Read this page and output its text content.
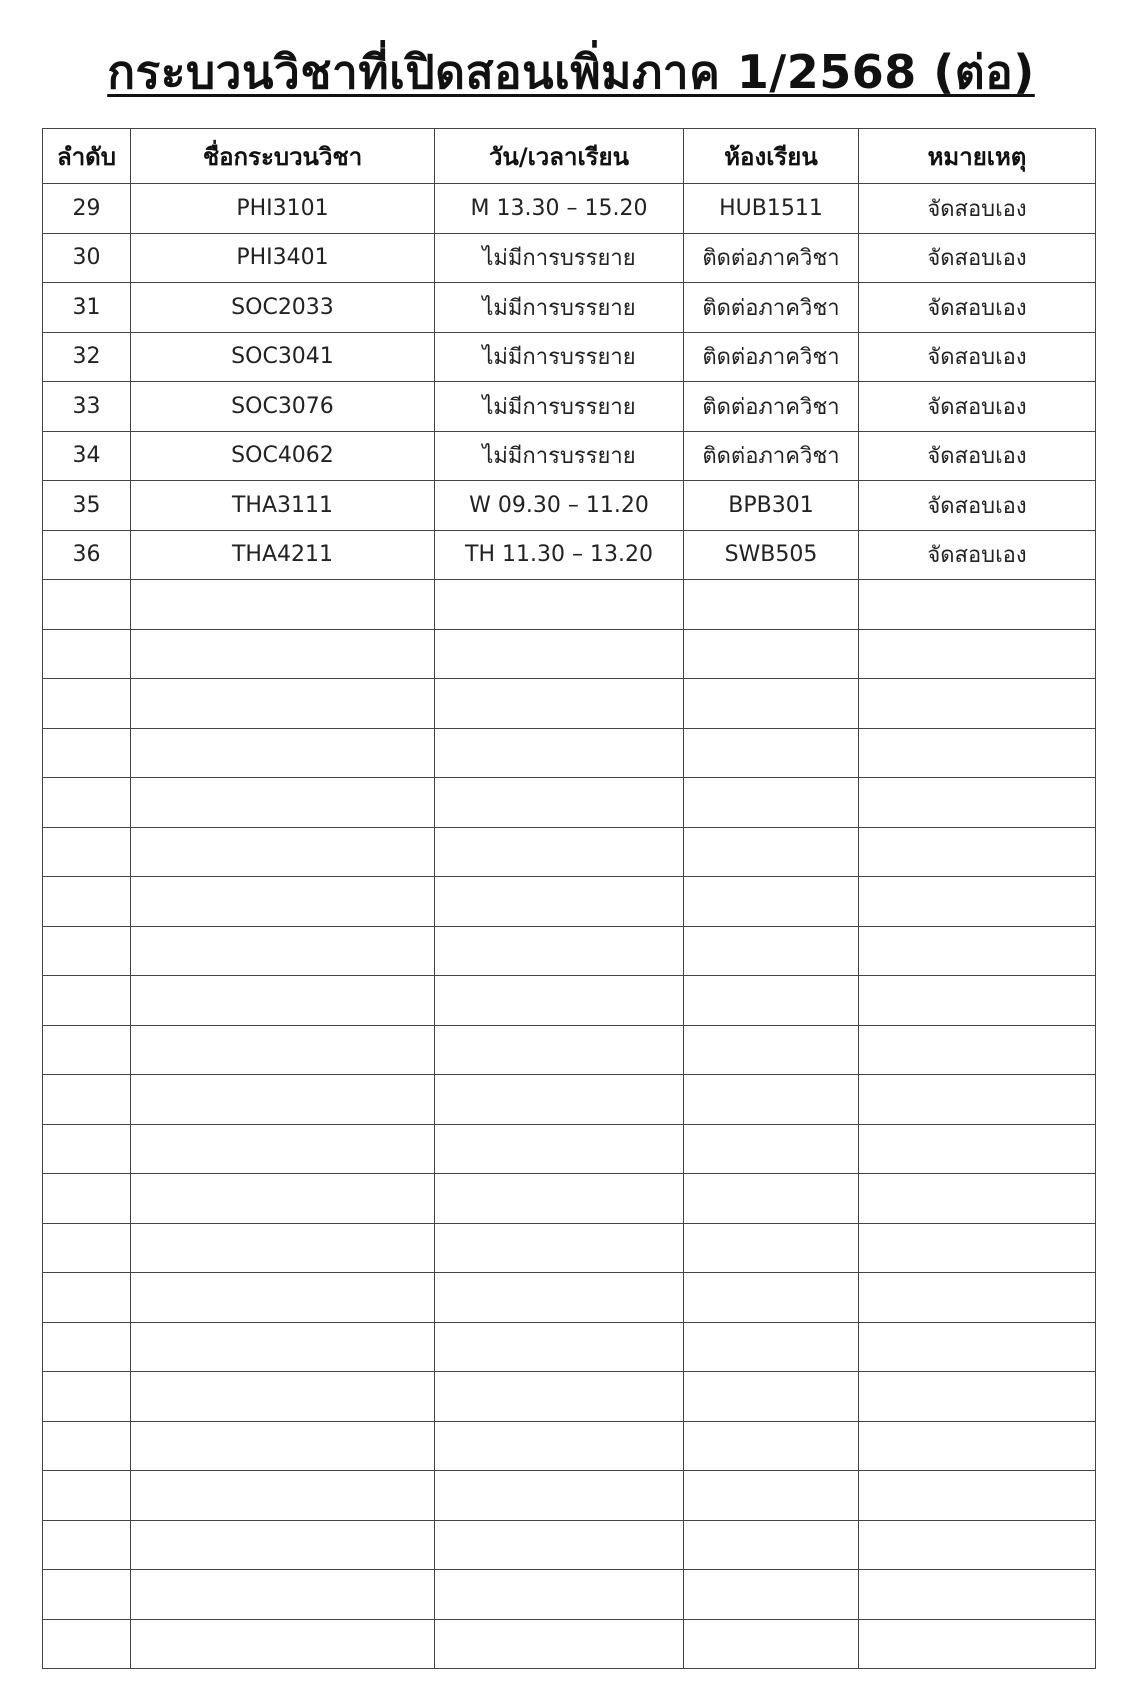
กระบวนวิชาที่เปิดสอนเพิ่มภาค 1/2568 (ต่อ)
ลำดับ	ชื่อกระบวนวิชา	วัน/เวลาเรียน	ห้องเรียน	หมายเหตุ
29	PHI3101	M 13.30 – 15.20	HUB1511	จัดสอบเอง
30	PHI3401	ไม่มีการบรรยาย	ติดต่อภาควิชา	จัดสอบเอง
31	SOC2033	ไม่มีการบรรยาย	ติดต่อภาควิชา	จัดสอบเอง
32	SOC3041	ไม่มีการบรรยาย	ติดต่อภาควิชา	จัดสอบเอง
33	SOC3076	ไม่มีการบรรยาย	ติดต่อภาควิชา	จัดสอบเอง
34	SOC4062	ไม่มีการบรรยาย	ติดต่อภาควิชา	จัดสอบเอง
35	THA3111	W 09.30 – 11.20	BPB301	จัดสอบเอง
36	THA4211	TH 11.30 – 13.20	SWB505	จัดสอบเอง
